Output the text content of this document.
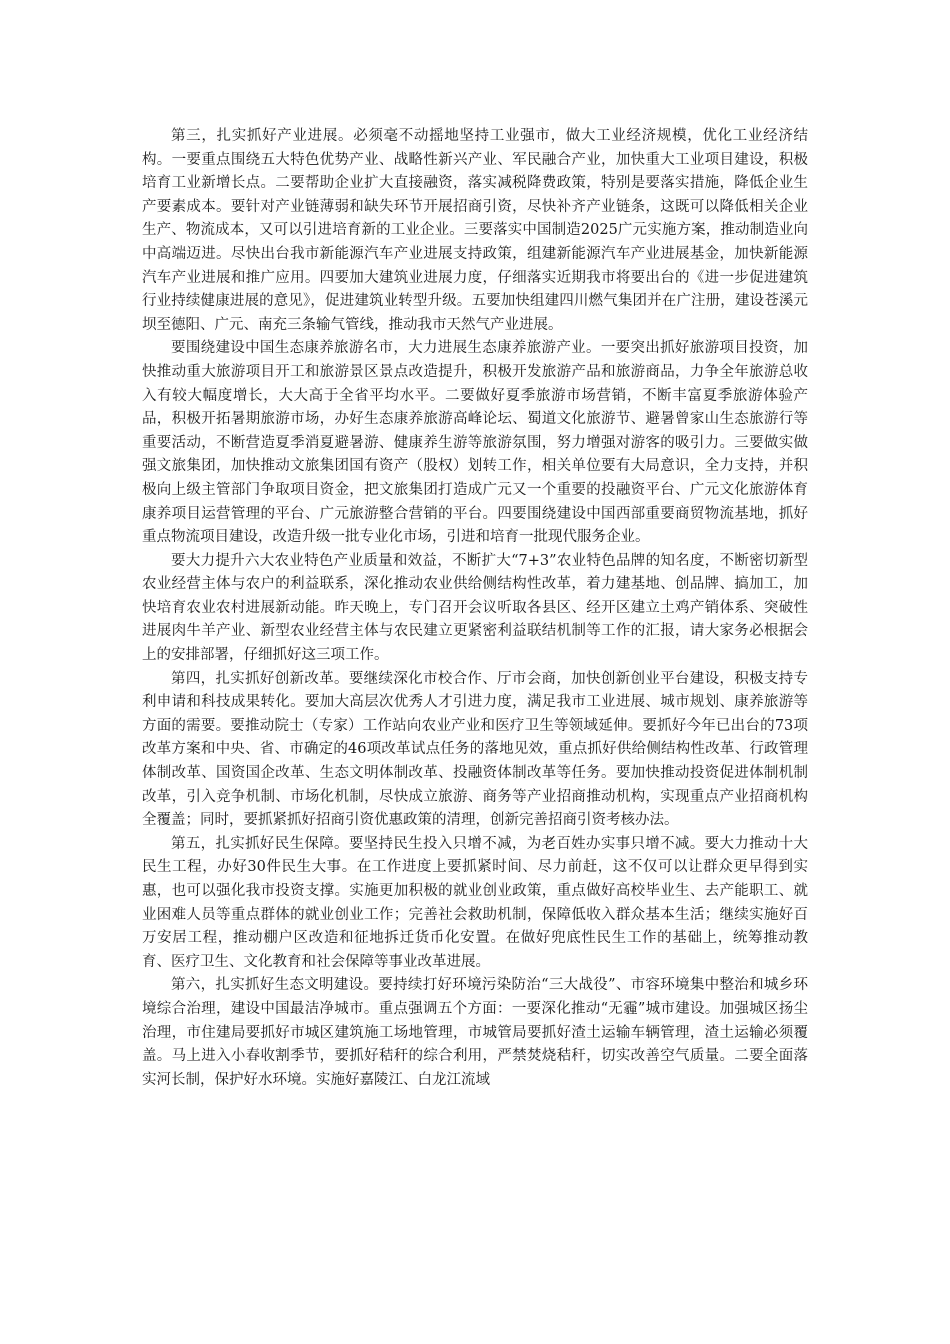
第三，扎实抓好产业进展。必须毫不动摇地坚持工业强市，做大工业经济规模，优化工业经济结构。一要重点围绕五大特色优势产业、战略性新兴产业、军民融合产业，加快重大工业项目建设，积极培育工业新增长点。二要帮助企业扩大直接融资，落实减税降费政策，特别是要落实措施，降低企业生产要素成本。要针对产业链薄弱和缺失环节开展招商引资，尽快补齐产业链条，这既可以降低相关企业生产、物流成本，又可以引进培育新的工业企业。三要落实中国制造2025广元实施方案，推动制造业向中高端迈进。尽快出台我市新能源汽车产业进展支持政策，组建新能源汽车产业进展基金，加快新能源汽车产业进展和推广应用。四要加大建筑业进展力度，仔细落实近期我市将要出台的《进一步促进建筑行业持续健康进展的意见》，促进建筑业转型升级。五要加快组建四川燃气集团并在广注册，建设苍溪元坝至德阳、广元、南充三条输气管线，推动我市天然气产业进展。

要围绕建设中国生态康养旅游名市，大力进展生态康养旅游产业。一要突出抓好旅游项目投资，加快推动重大旅游项目开工和旅游景区景点改造提升，积极开发旅游产品和旅游商品，力争全年旅游总收入有较大幅度增长，大大高于全省平均水平。二要做好夏季旅游市场营销，不断丰富夏季旅游体验产品，积极开拓暑期旅游市场，办好生态康养旅游高峰论坛、蜀道文化旅游节、避暑曾家山生态旅游行等重要活动，不断营造夏季消夏避暑游、健康养生游等旅游氛围，努力增强对游客的吸引力。三要做实做强文旅集团，加快推动文旅集团国有资产（股权）划转工作，相关单位要有大局意识，全力支持，并积极向上级主管部门争取项目资金，把文旅集团打造成广元又一个重要的投融资平台、广元文化旅游体育康养项目运营管理的平台、广元旅游整合营销的平台。四要围绕建设中国西部重要商贸物流基地，抓好重点物流项目建设，改造升级一批专业化市场，引进和培育一批现代服务企业。

要大力提升六大农业特色产业质量和效益，不断扩大“7+3”农业特色品牌的知名度，不断密切新型农业经营主体与农户的利益联系，深化推动农业供给侧结构性改革，着力建基地、创品牌、搞加工，加快培育农业农村进展新动能。昨天晚上，专门召开会议听取各县区、经开区建立土鸡产销体系、突破性进展肉牛羊产业、新型农业经营主体与农民建立更紧密利益联结机制等工作的汇报，请大家务必根据会上的安排部署，仔细抓好这三项工作。

第四，扎实抓好创新改革。要继续深化市校合作、厅市会商，加快创新创业平台建设，积极支持专利申请和科技成果转化。要加大高层次优秀人才引进力度，满足我市工业进展、城市规划、康养旅游等方面的需要。要推动院士（专家）工作站向农业产业和医疗卫生等领域延伸。要抓好今年已出台的73项改革方案和中央、省、市确定的46项改革试点任务的落地见效，重点抓好供给侧结构性改革、行政管理体制改革、国资国企改革、生态文明体制改革、投融资体制改革等任务。要加快推动投资促进体制机制改革，引入竞争机制、市场化机制，尽快成立旅游、商务等产业招商推动机构，实现重点产业招商机构全覆盖；同时，要抓紧抓好招商引资优惠政策的清理，创新完善招商引资考核办法。

第五，扎实抓好民生保障。要坚持民生投入只增不减，为老百姓办实事只增不减。要大力推动十大民生工程，办好30件民生大事。在工作进度上要抓紧时间、尽力前赶，这不仅可以让群众更早得到实惠，也可以强化我市投资支撑。实施更加积极的就业创业政策，重点做好高校毕业生、去产能职工、就业困难人员等重点群体的就业创业工作；完善社会救助机制，保障低收入群众基本生活；继续实施好百万安居工程，推动棚户区改造和征地拆迁货币化安置。在做好兜底性民生工作的基础上，统筹推动教育、医疗卫生、文化教育和社会保障等事业改革进展。

第六，扎实抓好生态文明建设。要持续打好环境污染防治“三大战役”、市容环境集中整治和城乡环境综合治理，建设中国最洁净城市。重点强调五个方面：一要深化推动“无霾”城市建设。加强城区扬尘治理，市住建局要抓好市城区建筑施工场地管理，市城管局要抓好渣土运输车辆管理，渣土运输必须覆盖。马上进入小春收割季节，要抓好秸秆的综合利用，严禁焚烧秸秆，切实改善空气质量。二要全面落实河长制，保护好水环境。实施好嘉陵江、白龙江流域
